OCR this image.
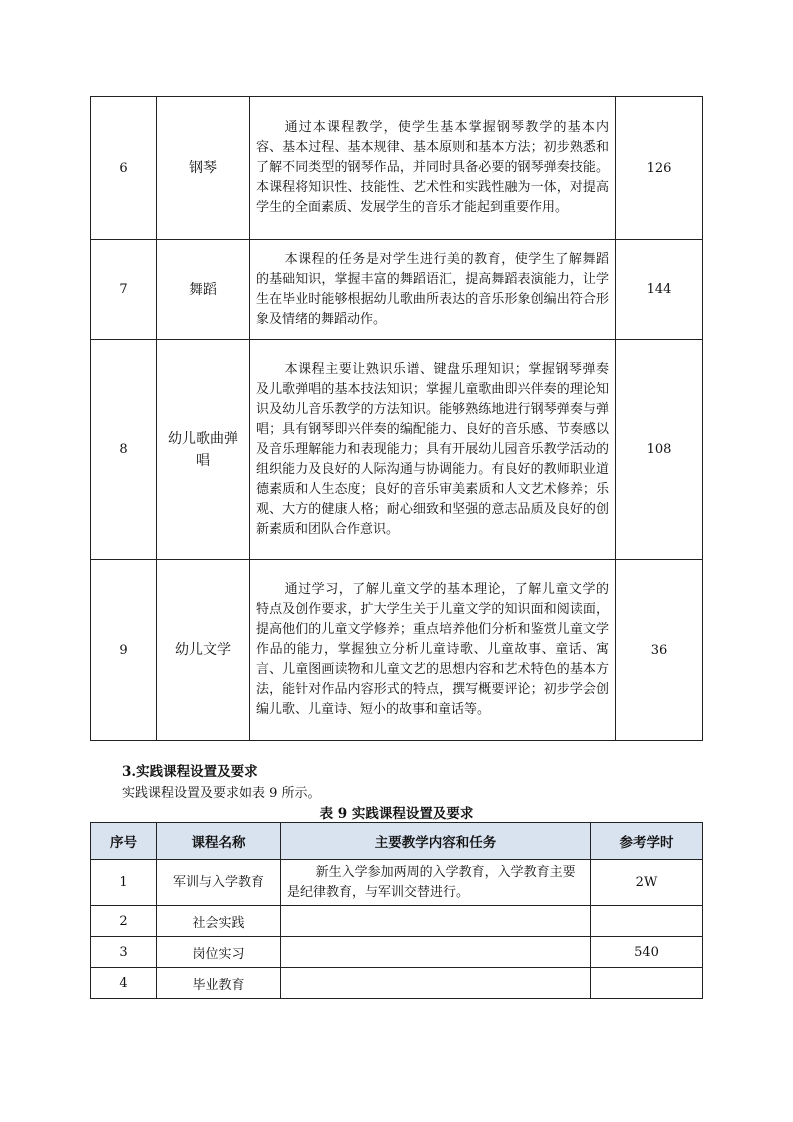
6	钢琴	通过本课程教学，使学生基本掌握钢琴教学的基本内容、基本过程、基本规律、基本原则和基本方法；初步熟悉和了解不同类型的钢琴作品，并同时具备必要的钢琴弹奏技能。本课程将知识性、技能性、艺术性和实践性融为一体，对提高学生的全面素质、发展学生的音乐才能起到重要作用。	126
7	舞蹈	本课程的任务是对学生进行美的教育，使学生了解舞蹈的基础知识，掌握丰富的舞蹈语汇，提高舞蹈表演能力，让学生在毕业时能够根据幼儿歌曲所表达的音乐形象创编出符合形象及情绪的舞蹈动作。	144
8	幼儿歌曲弹唱	本课程主要让熟识乐谱、键盘乐理知识；掌握钢琴弹奏及儿歌弹唱的基本技法知识；掌握儿童歌曲即兴伴奏的理论知识及幼儿音乐教学的方法知识。能够熟练地进行钢琴弹奏与弹唱；具有钢琴即兴伴奏的编配能力、良好的音乐感、节奏感以及音乐理解能力和表现能力；具有开展幼儿园音乐教学活动的组织能力及良好的人际沟通与协调能力。有良好的教师职业道德素质和人生态度；良好的音乐审美素质和人文艺术修养；乐观、大方的健康人格；耐心细致和坚强的意志品质及良好的创新素质和团队合作意识。	108
9	幼儿文学	通过学习，了解儿童文学的基本理论，了解儿童文学的特点及创作要求，扩大学生关于儿童文学的知识面和阅读面，提高他们的儿童文学修养；重点培养他们分析和鉴赏儿童文学作品的能力，掌握独立分析儿童诗歌、儿童故事、童话、寓言、儿童图画读物和儿童文艺的思想内容和艺术特色的基本方法，能针对作品内容形式的特点，撰写概要评论；初步学会创编儿歌、儿童诗、短小的故事和童话等。	36
3.实践课程设置及要求
实践课程设置及要求如表 9 所示。
表 9 实践课程设置及要求
序号	课程名称	主要教学内容和任务	参考学时
1	军训与入学教育	新生入学参加两周的入学教育，入学教育主要是纪律教育，与军训交替进行。	2W
2	社会实践		
3	岗位实习		540
4	毕业教育		
